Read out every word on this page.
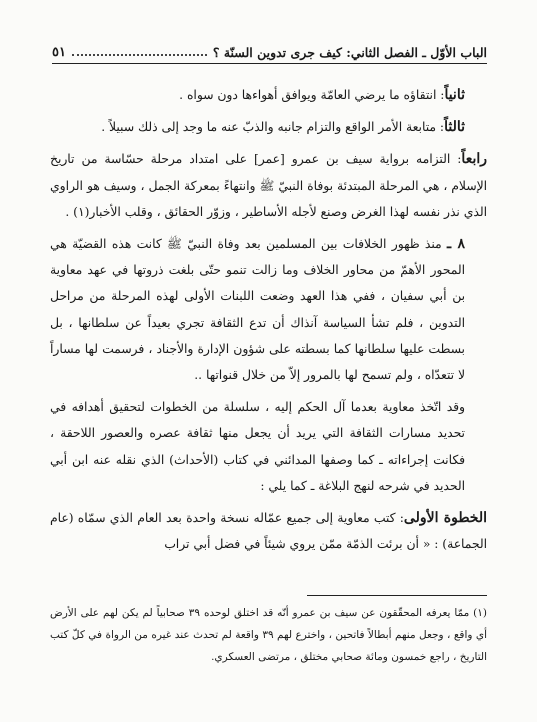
الباب الأوّل ـ الفصل الثاني: كيف جرى تدوين السنّة ؟
٥١

ثانياً: انتقاؤه ما يرضي العامّة ويوافق أهواءها دون سواه .

ثالثاً: متابعة الأمر الواقع والتزام جانبه والذبّ عنه ما وجد إلى ذلك سبيلاً .

رابعاً: التزامه برواية سيف بن عمرو [عمر] على امتداد مرحلة حسّاسة من تاريخ الإسلام ، هي المرحلة المبتدئة بوفاة النبيّ ﷺ وانتهاءً بمعركة الجمل ، وسيف هو الراوي الذي نذر نفسه لهذا الغرض وصنع لأجله الأساطير ، وزوّر الحقائق ، وقلب الأخبار(١) .

٨ ـ منذ ظهور الخلافات بين المسلمين بعد وفاة النبيّ ﷺ كانت هذه القضيّة هي المحور الأهمّ من محاور الخلاف وما زالت تنمو حتّى بلغت ذروتها في عهد معاوية بن أبي سفيان ، ففي هذا العهد وضعت اللبنات الأولى لهذه المرحلة من مراحل التدوين ، فلم تشأ السياسة آنذاك أن تدع الثقافة تجري بعيداً عن سلطانها ، بل بسطت عليها سلطانها كما بسطته على شؤون الإدارة والأجناد ، فرسمت لها مساراً لا تتعدّاه ، ولم تسمح لها بالمرور إلاّ من خلال قنواتها ..

وقد اتّخذ معاوية بعدما آل الحكم إليه ، سلسلة من الخطوات لتحقيق أهدافه في تحديد مسارات الثقافة التي يريد أن يجعل منها ثقافة عصره والعصور اللاحقة ، فكانت إجراءاته ـ كما وصفها المدائني في كتاب (الأحداث) الذي نقله عنه ابن أبي الحديد في شرحه لنهج البلاغة ـ كما يلي :

الخطوة الأولى: كتب معاوية إلى جميع عمّاله نسخة واحدة بعد العام الذي سمّاه (عام الجماعة) : « أن برئت الذمّة ممّن يروي شيئاً في فضل أبي تراب

(١) ممّا يعرفه المحقّقون عن سيف بن عمرو أنّه قد اختلق لوحده ٣٩ صحابياً لم يكن لهم على الأرض أي واقع ، وجعل منهم أبطالاً فاتحين ، واخترع لهم ٣٩ واقعة لم تحدث عند غيره من الرواة في كلّ كتب التاريخ ، راجع خمسون ومائة صحابي مختلق ، مرتضى العسكري.
